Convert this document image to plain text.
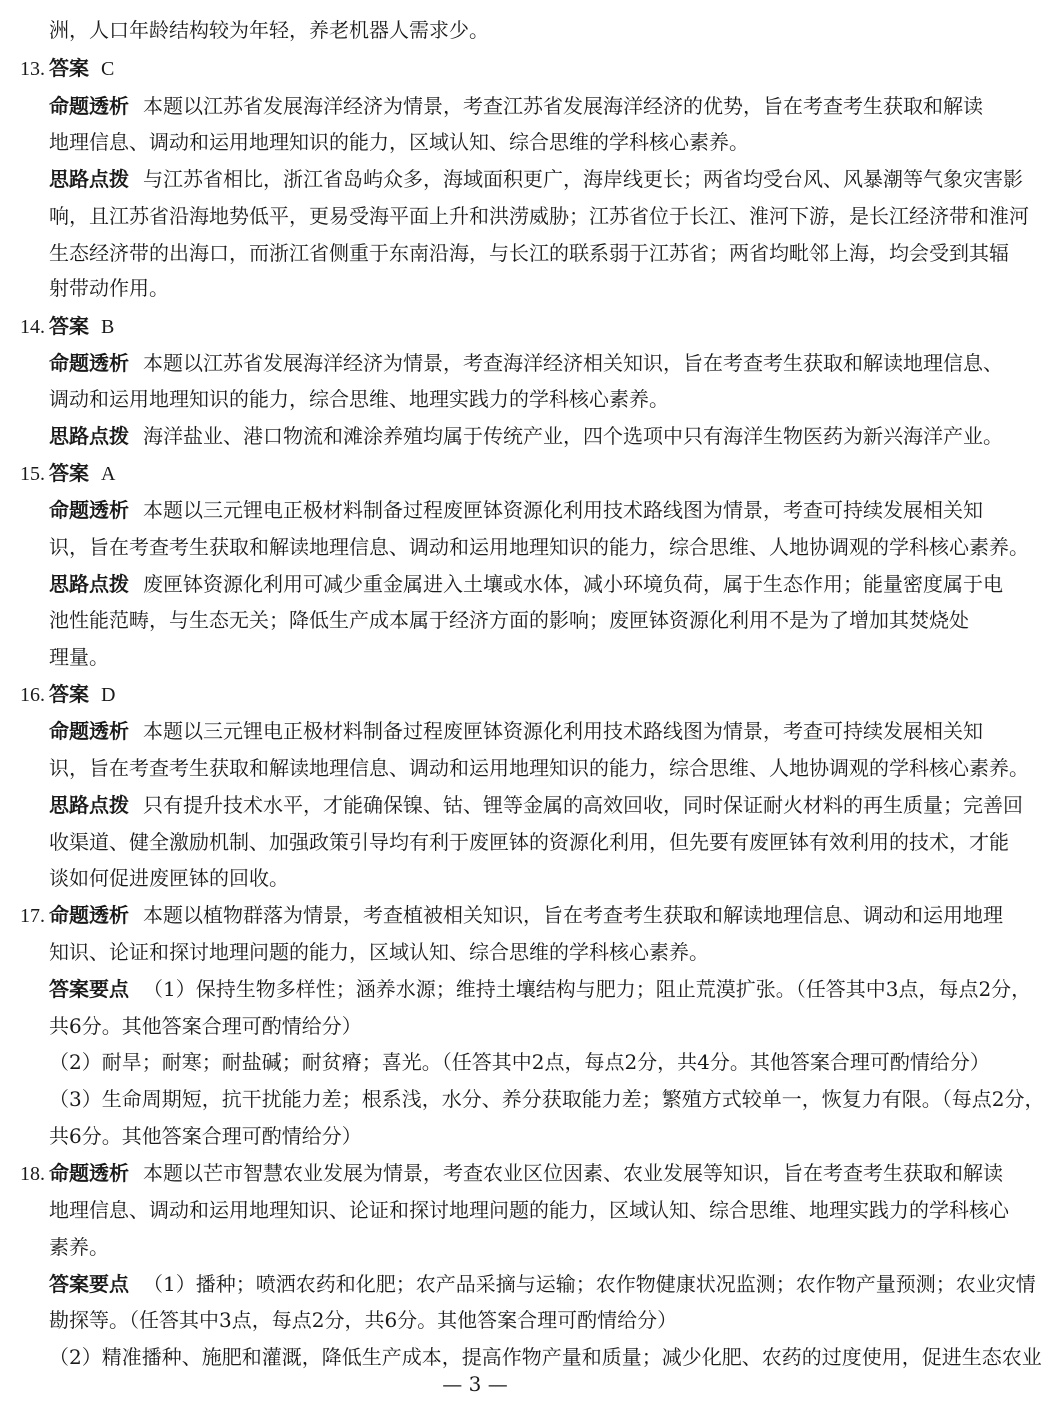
洲，人口年龄结构较为年轻，养老机器人需求少。
13. 答案 C
命题透析 本题以江苏省发展海洋经济为情景，考查江苏省发展海洋经济的优势，旨在考查考生获取和解读
地理信息、调动和运用地理知识的能力，区域认知、综合思维的学科核心素养。
思路点拨 与江苏省相比，浙江省岛屿众多，海域面积更广，海岸线更长；两省均受台风、风暴潮等气象灾害影
响，且江苏省沿海地势低平，更易受海平面上升和洪涝威胁；江苏省位于长江、淮河下游，是长江经济带和淮河
生态经济带的出海口，而浙江省侧重于东南沿海，与长江的联系弱于江苏省；两省均毗邻上海，均会受到其辐
射带动作用。
14. 答案 B
命题透析 本题以江苏省发展海洋经济为情景，考查海洋经济相关知识，旨在考查考生获取和解读地理信息、
调动和运用地理知识的能力，综合思维、地理实践力的学科核心素养。
思路点拨 海洋盐业、港口物流和滩涂养殖均属于传统产业，四个选项中只有海洋生物医药为新兴海洋产业。
15. 答案 A
命题透析 本题以三元锂电正极材料制备过程废匣钵资源化利用技术路线图为情景，考查可持续发展相关知
识，旨在考查考生获取和解读地理信息、调动和运用地理知识的能力，综合思维、人地协调观的学科核心素养。
思路点拨 废匣钵资源化利用可减少重金属进入土壤或水体，减小环境负荷，属于生态作用；能量密度属于电
池性能范畴，与生态无关；降低生产成本属于经济方面的影响；废匣钵资源化利用不是为了增加其焚烧处
理量。
16. 答案 D
命题透析 本题以三元锂电正极材料制备过程废匣钵资源化利用技术路线图为情景，考查可持续发展相关知
识，旨在考查考生获取和解读地理信息、调动和运用地理知识的能力，综合思维、人地协调观的学科核心素养。
思路点拨 只有提升技术水平，才能确保镍、钴、锂等金属的高效回收，同时保证耐火材料的再生质量；完善回
收渠道、健全激励机制、加强政策引导均有利于废匣钵的资源化利用，但先要有废匣钵有效利用的技术，才能
谈如何促进废匣钵的回收。
17. 命题透析 本题以植物群落为情景，考查植被相关知识，旨在考查考生获取和解读地理信息、调动和运用地理
知识、论证和探讨地理问题的能力，区域认知、综合思维的学科核心素养。
答案要点 （1）保持生物多样性；涵养水源；维持土壤结构与肥力；阻止荒漠扩张。（任答其中3点，每点2分，
共6分。其他答案合理可酌情给分）
（2）耐旱；耐寒；耐盐碱；耐贫瘠；喜光。（任答其中2点，每点2分，共4分。其他答案合理可酌情给分）
（3）生命周期短，抗干扰能力差；根系浅，水分、养分获取能力差；繁殖方式较单一，恢复力有限。（每点2分，
共6分。其他答案合理可酌情给分）
18. 命题透析 本题以芒市智慧农业发展为情景，考查农业区位因素、农业发展等知识，旨在考查考生获取和解读
地理信息、调动和运用地理知识、论证和探讨地理问题的能力，区域认知、综合思维、地理实践力的学科核心
素养。
答案要点 （1）播种；喷洒农药和化肥；农产品采摘与运输；农作物健康状况监测；农作物产量预测；农业灾情
勘探等。（任答其中3点，每点2分，共6分。其他答案合理可酌情给分）
（2）精准播种、施肥和灌溉，降低生产成本，提高作物产量和质量；减少化肥、农药的过度使用，促进生态农业
— 3 —
